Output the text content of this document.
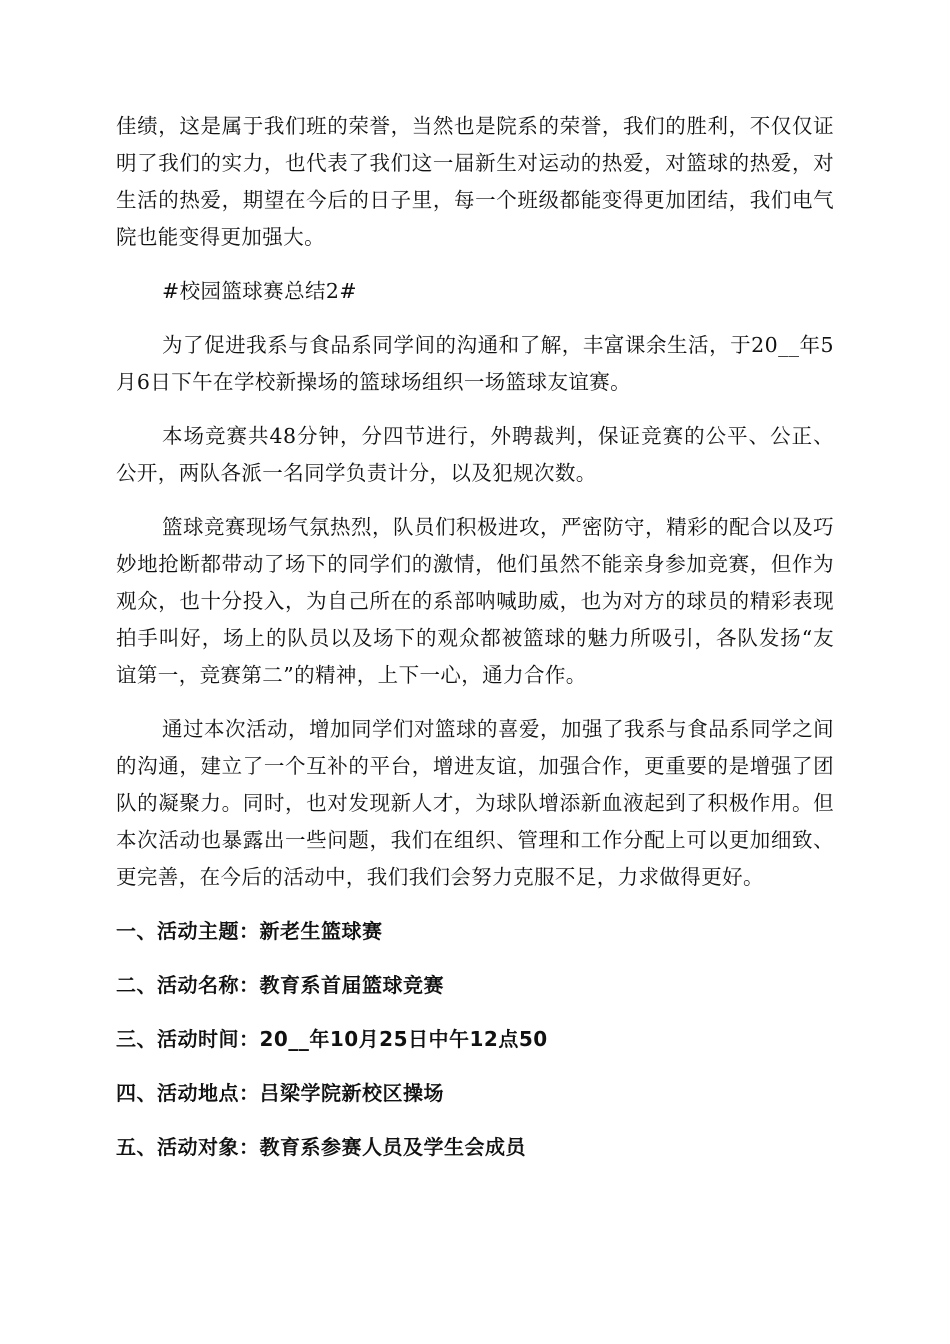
佳绩，这是属于我们班的荣誉，当然也是院系的荣誉，我们的胜利，不仅仅证明了我们的实力，也代表了我们这一届新生对运动的热爱，对篮球的热爱，对生活的热爱，期望在今后的日子里，每一个班级都能变得更加团结，我们电气院也能变得更加强大。

#校园篮球赛总结2#

为了促进我系与食品系同学间的沟通和了解，丰富课余生活，于20__年5月6日下午在学校新操场的篮球场组织一场篮球友谊赛。

本场竞赛共48分钟，分四节进行，外聘裁判，保证竞赛的公平、公正、公开，两队各派一名同学负责计分，以及犯规次数。

篮球竞赛现场气氛热烈，队员们积极进攻，严密防守，精彩的配合以及巧妙地抢断都带动了场下的同学们的激情，他们虽然不能亲身参加竞赛，但作为观众，也十分投入，为自己所在的系部呐喊助威，也为对方的球员的精彩表现拍手叫好，场上的队员以及场下的观众都被篮球的魅力所吸引，各队发扬“友谊第一，竞赛第二”的精神，上下一心，通力合作。

通过本次活动，增加同学们对篮球的喜爱，加强了我系与食品系同学之间的沟通，建立了一个互补的平台，增进友谊，加强合作，更重要的是增强了团队的凝聚力。同时，也对发现新人才，为球队增添新血液起到了积极作用。但本次活动也暴露出一些问题，我们在组织、管理和工作分配上可以更加细致、更完善，在今后的活动中，我们我们会努力克服不足，力求做得更好。

一、活动主题：新老生篮球赛
二、活动名称：教育系首届篮球竞赛
三、活动时间：20__年10月25日中午12点50
四、活动地点：吕梁学院新校区操场
五、活动对象：教育系参赛人员及学生会成员
